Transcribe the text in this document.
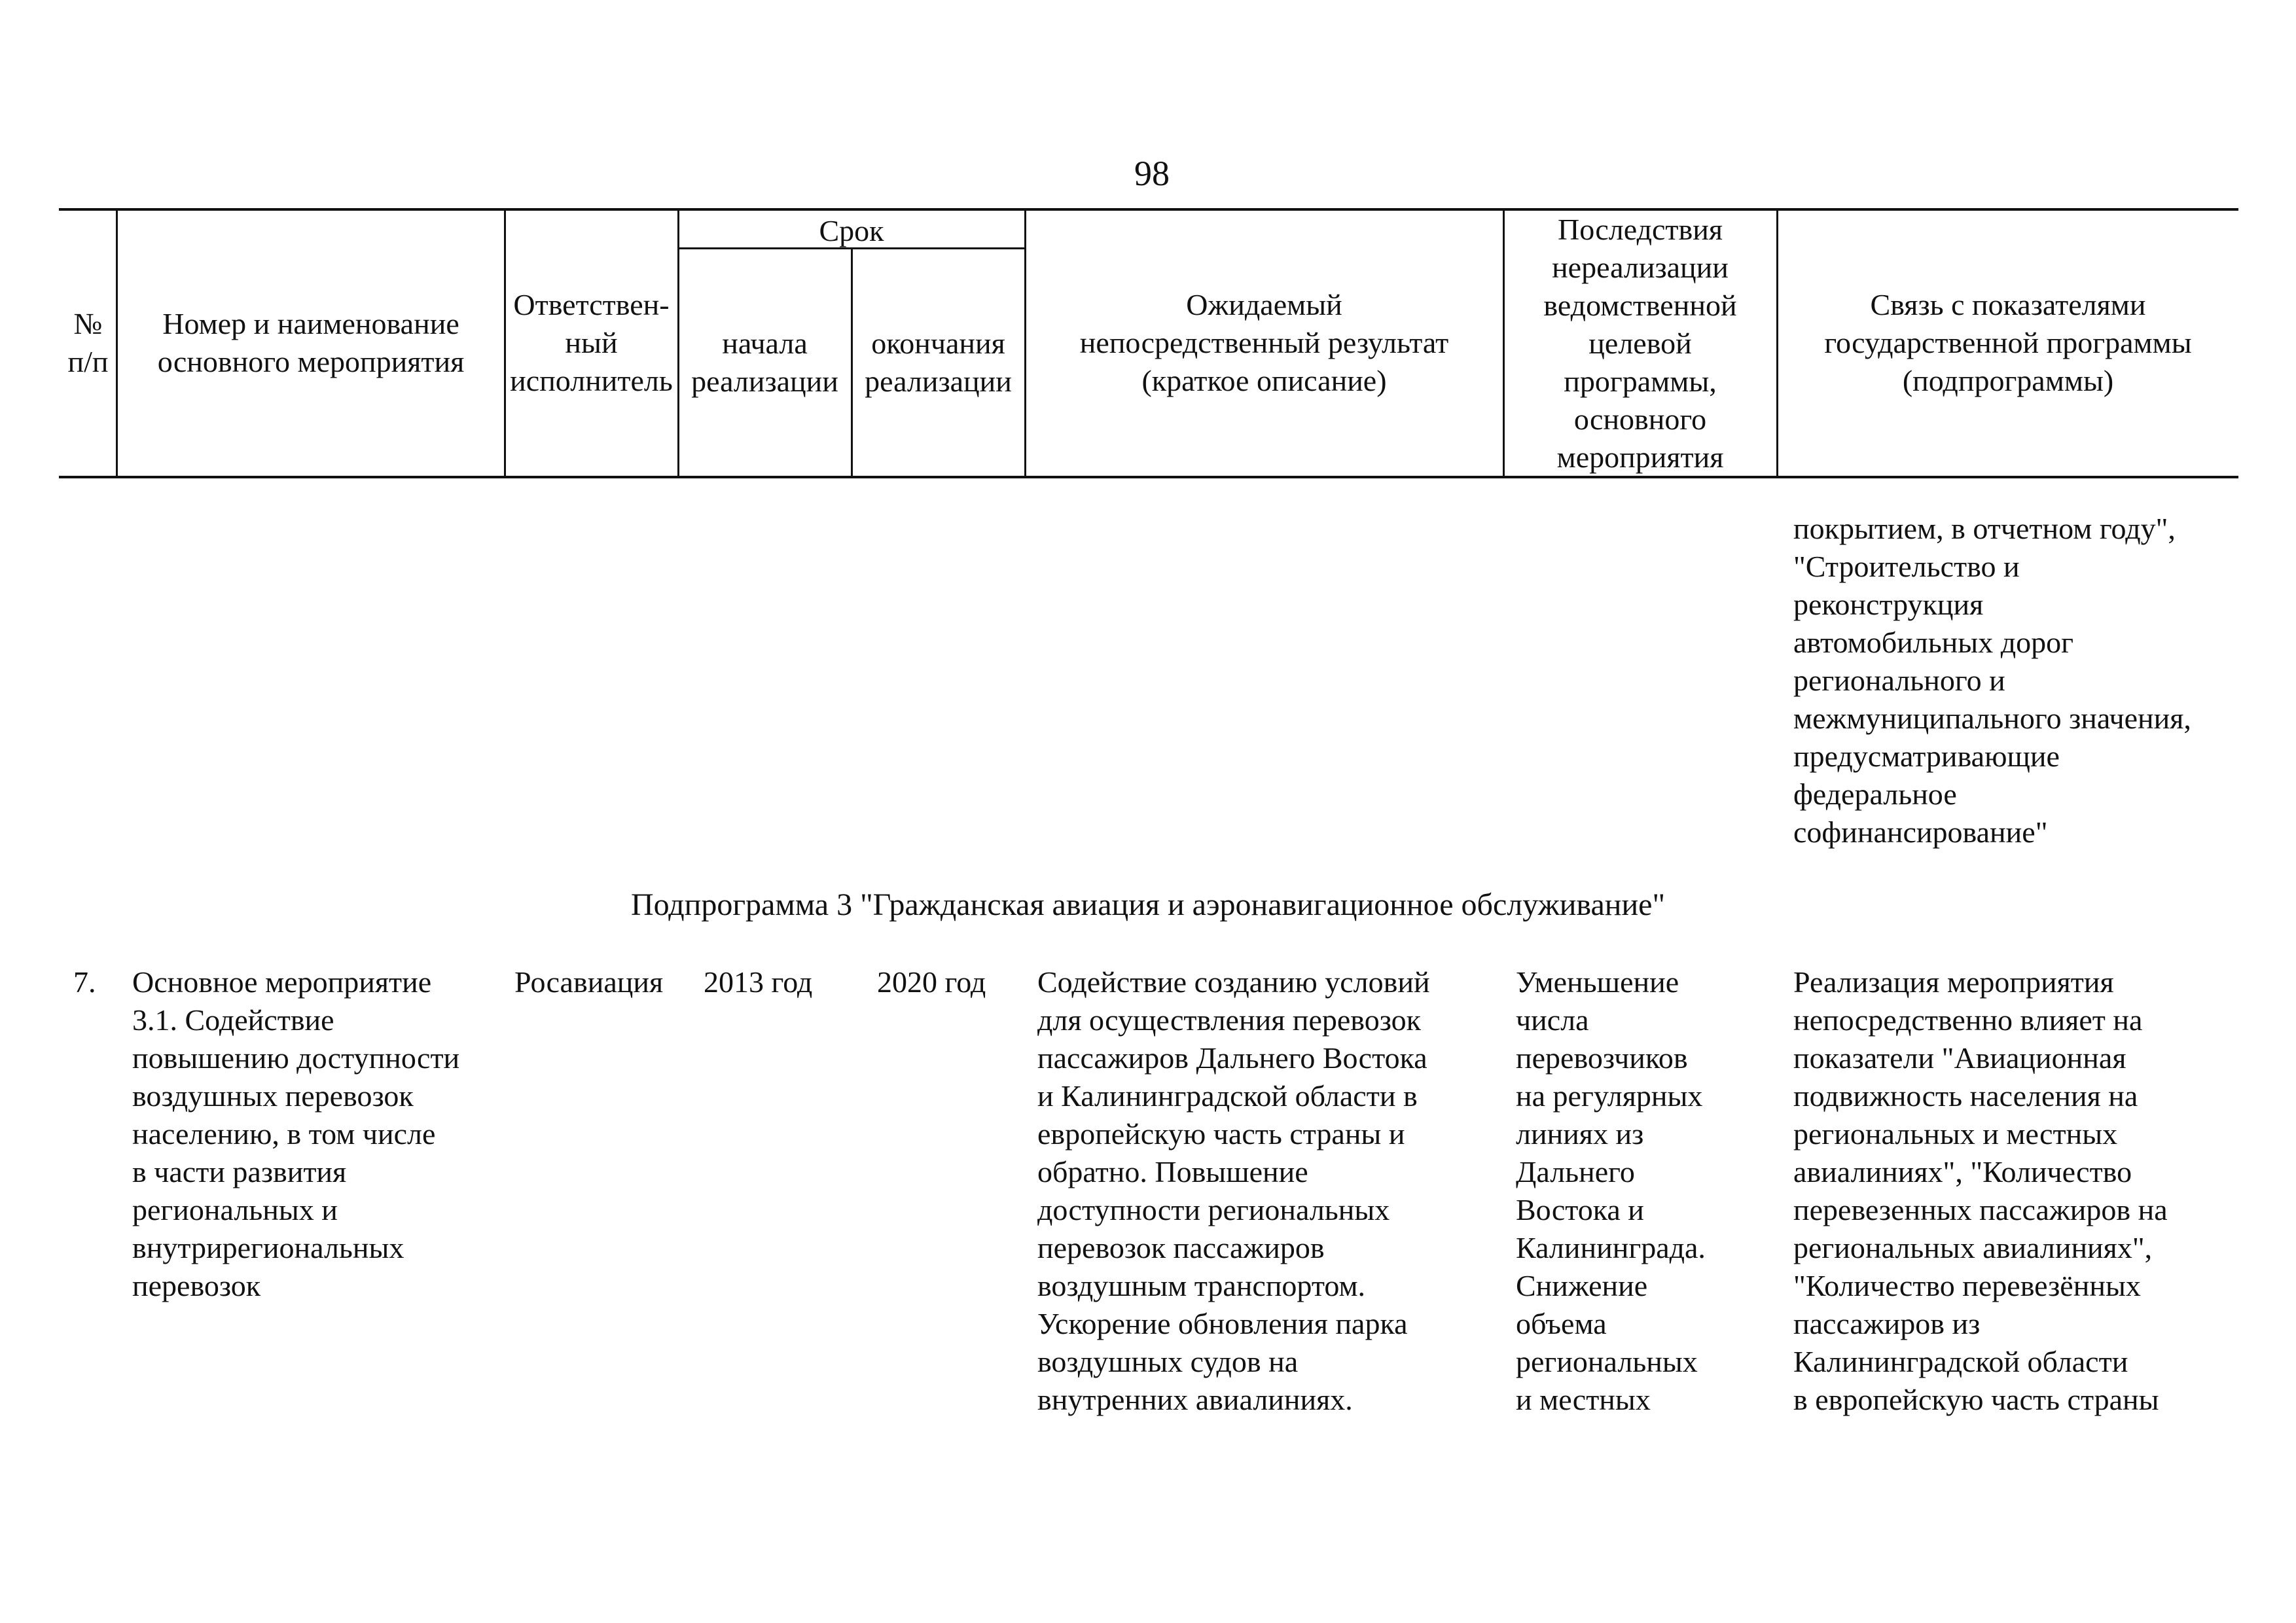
98
№
п/п
Номер и наименование
основного мероприятия
Ответствен-
ный
исполнитель
Срок
начала
реализации
окончания
реализации
Ожидаемый
непосредственный результат
(краткое описание)
Последствия
нереализации
ведомственной
целевой
программы,
основного
мероприятия
Связь с показателями
государственной программы
(подпрограммы)
покрытием, в отчетном году",
"Строительство и
реконструкция
автомобильных дорог
регионального и
межмуниципального значения,
предусматривающие
федеральное
софинансирование"
Подпрограмма 3 "Гражданская авиация и аэронавигационное обслуживание"
7. Основное мероприятие
3.1. Содействие
повышению доступности
воздушных перевозок
населению, в том числе
в части развития
региональных и
внутрирегиональных
перевозок
Росавиация 2013 год 2020 год Содействие созданию условий
для осуществления перевозок
пассажиров Дальнего Востока
и Калининградской области в
европейскую часть страны и
обратно. Повышение
доступности региональных
перевозок пассажиров
воздушным транспортом.
Ускорение обновления парка
воздушных судов на
внутренних авиалиниях.
Уменьшение
числа
перевозчиков
на регулярных
линиях из
Дальнего
Востока и
Калининграда.
Снижение
объема
региональных
и местных
Реализация мероприятия
непосредственно влияет на
показатели "Авиационная
подвижность населения на
региональных и местных
авиалиниях", "Количество
перевезенных пассажиров на
региональных авиалиниях",
"Количество перевезённых
пассажиров из
Калининградской области
в европейскую часть страны
